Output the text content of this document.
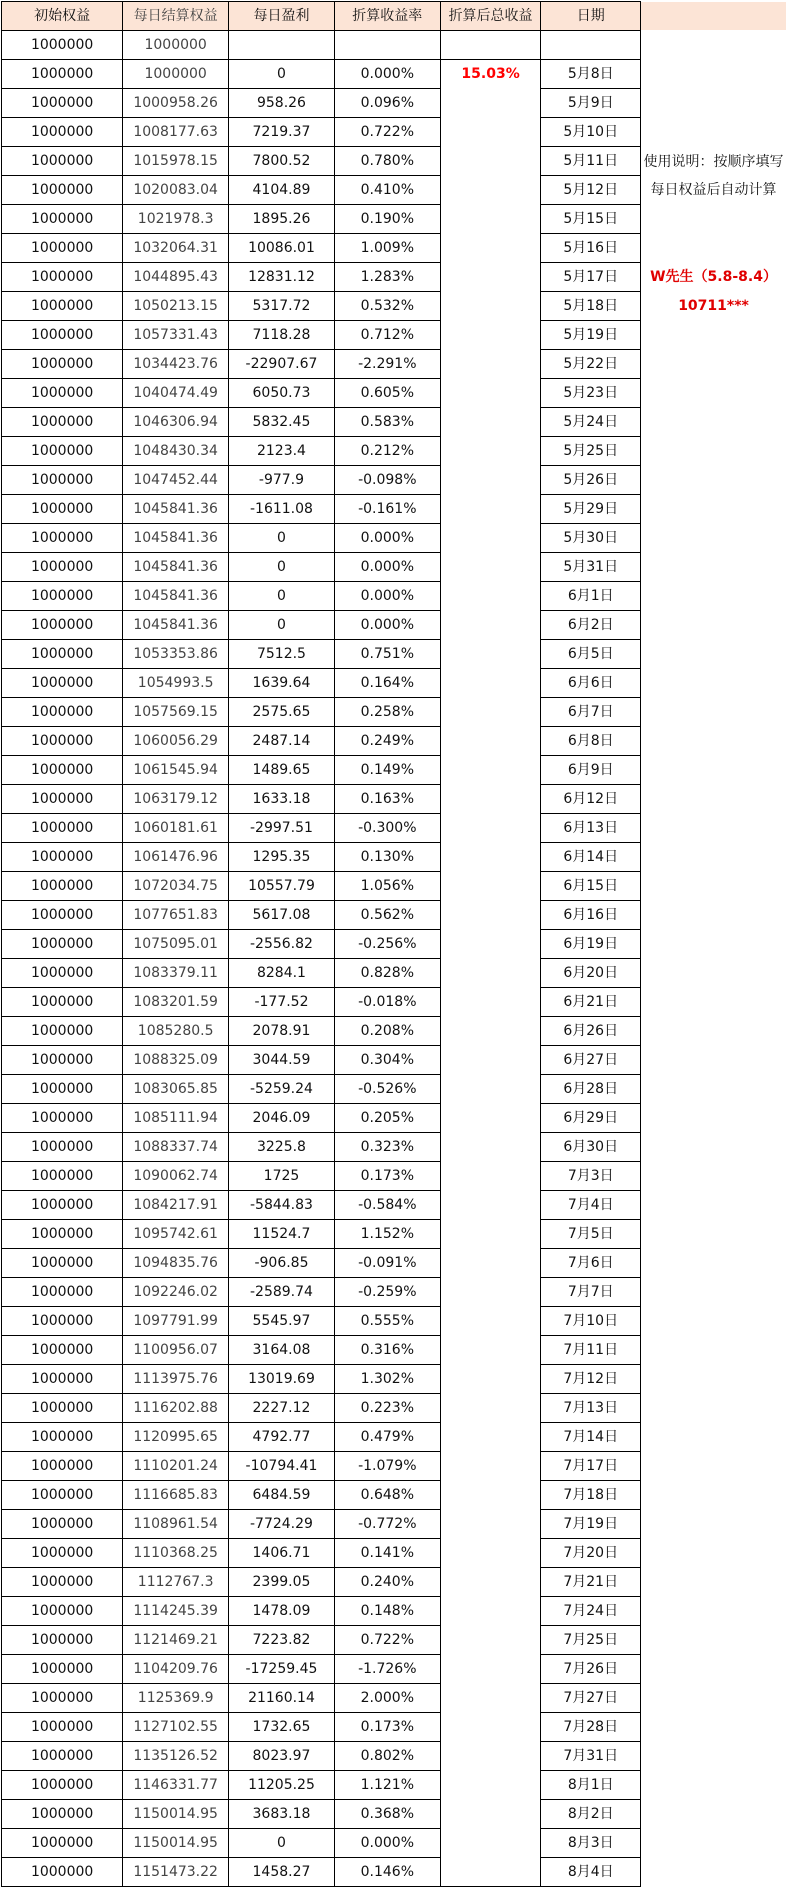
初始权益	每日结算权益	每日盈利	折算收益率	折算后总收益	日期	
1000000	1000000					
1000000	1000000	0	0.000%	15.03%	5月8日	
1000000	1000958.26	958.26	0.096%		5月9日	使用说明：按顺序填写每日权益后自动计算
1000000	1008177.63	7219.37	0.722%		5月10日	
1000000	1015978.15	7800.52	0.780%		5月11日	
1000000	1020083.04	4104.89	0.410%		5月12日	
1000000	1021978.3	1895.26	0.190%		5月15日	
1000000	1032064.31	10086.01	1.009%		5月16日	
1000000	1044895.43	12831.12	1.283%		5月17日	W先生（5.8-8.4）
1000000	1050213.15	5317.72	0.532%		5月18日	10711***
1000000	1057331.43	7118.28	0.712%		5月19日	
1000000	1034423.76	-22907.67	-2.291%		5月22日	
1000000	1040474.49	6050.73	0.605%		5月23日	
1000000	1046306.94	5832.45	0.583%		5月24日	
1000000	1048430.34	2123.4	0.212%		5月25日	
1000000	1047452.44	-977.9	-0.098%		5月26日	
1000000	1045841.36	-1611.08	-0.161%		5月29日	
1000000	1045841.36	0	0.000%		5月30日	
1000000	1045841.36	0	0.000%		5月31日	
1000000	1045841.36	0	0.000%		6月1日	
1000000	1045841.36	0	0.000%		6月2日	
1000000	1053353.86	7512.5	0.751%		6月5日	
1000000	1054993.5	1639.64	0.164%		6月6日	
1000000	1057569.15	2575.65	0.258%		6月7日	
1000000	1060056.29	2487.14	0.249%		6月8日	
1000000	1061545.94	1489.65	0.149%		6月9日	
1000000	1063179.12	1633.18	0.163%		6月12日	
1000000	1060181.61	-2997.51	-0.300%		6月13日	
1000000	1061476.96	1295.35	0.130%		6月14日	
1000000	1072034.75	10557.79	1.056%		6月15日	
1000000	1077651.83	5617.08	0.562%		6月16日	
1000000	1075095.01	-2556.82	-0.256%		6月19日	
1000000	1083379.11	8284.1	0.828%		6月20日	
1000000	1083201.59	-177.52	-0.018%		6月21日	
1000000	1085280.5	2078.91	0.208%		6月26日	
1000000	1088325.09	3044.59	0.304%		6月27日	
1000000	1083065.85	-5259.24	-0.526%		6月28日	
1000000	1085111.94	2046.09	0.205%		6月29日	
1000000	1088337.74	3225.8	0.323%		6月30日	
1000000	1090062.74	1725	0.173%		7月3日	
1000000	1084217.91	-5844.83	-0.584%		7月4日	
1000000	1095742.61	11524.7	1.152%		7月5日	
1000000	1094835.76	-906.85	-0.091%		7月6日	
1000000	1092246.02	-2589.74	-0.259%		7月7日	
1000000	1097791.99	5545.97	0.555%		7月10日	
1000000	1100956.07	3164.08	0.316%		7月11日	
1000000	1113975.76	13019.69	1.302%		7月12日	
1000000	1116202.88	2227.12	0.223%		7月13日	
1000000	1120995.65	4792.77	0.479%		7月14日	
1000000	1110201.24	-10794.41	-1.079%		7月17日	
1000000	1116685.83	6484.59	0.648%		7月18日	
1000000	1108961.54	-7724.29	-0.772%		7月19日	
1000000	1110368.25	1406.71	0.141%		7月20日	
1000000	1112767.3	2399.05	0.240%		7月21日	
1000000	1114245.39	1478.09	0.148%		7月24日	
1000000	1121469.21	7223.82	0.722%		7月25日	
1000000	1104209.76	-17259.45	-1.726%		7月26日	
1000000	1125369.9	21160.14	2.000%		7月27日	
1000000	1127102.55	1732.65	0.173%		7月28日	
1000000	1135126.52	8023.97	0.802%		7月31日	
1000000	1146331.77	11205.25	1.121%		8月1日	
1000000	1150014.95	3683.18	0.368%		8月2日	
1000000	1150014.95	0	0.000%		8月3日	
1000000	1151473.22	1458.27	0.146%		8月4日	
